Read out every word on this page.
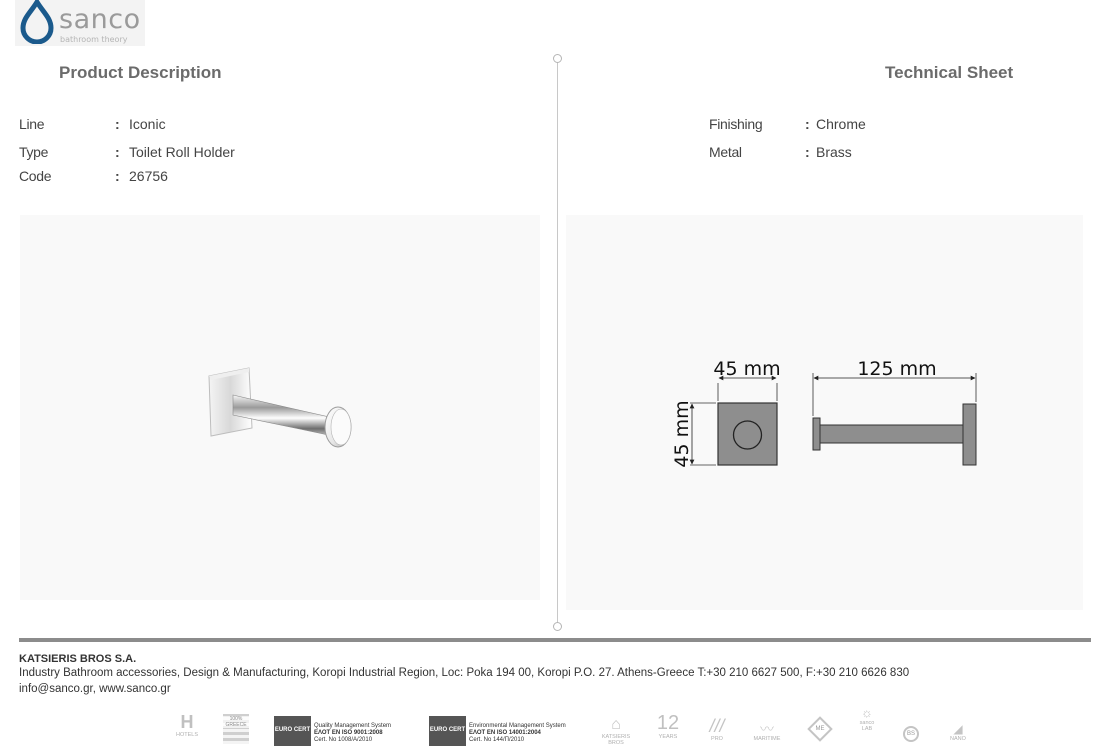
sanco
bathroom theory
Product Description	Technical Sheet
Line	: Iconic
Type	: Toilet Roll Holder
Code	: 26756
Finishing	: Chrome
Metal	: Brass
45 mm
45 mm
125 mm
KATSIERIS BROS S.A.
Industry Bathroom accessories, Design & Manufacturing, Koropi Industrial Region, Loc: Poka 194 00, Koropi P.O. 27. Athens-Greece T:+30 210 6627 500, F:+30 210 6626 830
info@sanco.gr, www.sanco.gr
H
HOTELS
100% GREECE
EURO CERT
Quality Management System
ΕΛΟΤ EN ISO 9001:2008
Cert. No 1008/A/2010
EURO CERT
Environmental Management System
ΕΛΟΤ EN ISO 14001:2004
Cert. No 144/Π/2010
⌂
KATSIERIS BROS
12
YEARS
///
PRO
〰
MARITIME
ME
☼
sanco LAB
BS	◢
NANO
